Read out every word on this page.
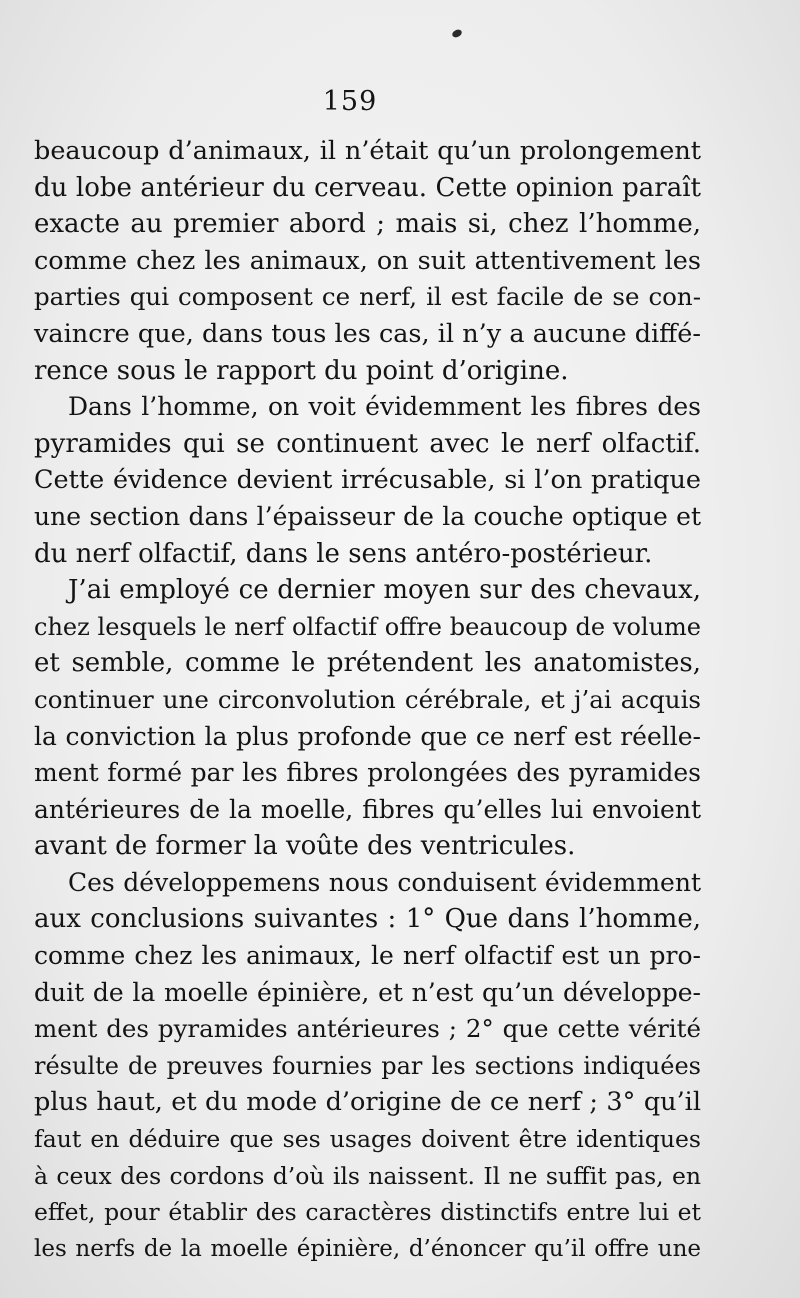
159
beaucoup d’animaux, il n’était qu’un prolongement
du lobe antérieur du cerveau. Cette opinion paraît
exacte au premier abord ; mais si, chez l’homme,
comme chez les animaux, on suit attentivement les
parties qui composent ce nerf, il est facile de se con-
vaincre que, dans tous les cas, il n’y a aucune diffé-
rence sous le rapport du point d’origine.
Dans l’homme, on voit évidemment les fibres des
pyramides qui se continuent avec le nerf olfactif.
Cette évidence devient irrécusable, si l’on pratique
une section dans l’épaisseur de la couche optique et
du nerf olfactif, dans le sens antéro-postérieur.
J’ai employé ce dernier moyen sur des chevaux,
chez lesquels le nerf olfactif offre beaucoup de volume
et semble, comme le prétendent les anatomistes,
continuer une circonvolution cérébrale, et j’ai acquis
la conviction la plus profonde que ce nerf est réelle-
ment formé par les fibres prolongées des pyramides
antérieures de la moelle, fibres qu’elles lui envoient
avant de former la voûte des ventricules.
Ces développemens nous conduisent évidemment
aux conclusions suivantes : 1° Que dans l’homme,
comme chez les animaux, le nerf olfactif est un pro-
duit de la moelle épinière, et n’est qu’un développe-
ment des pyramides antérieures ; 2° que cette vérité
résulte de preuves fournies par les sections indiquées
plus haut, et du mode d’origine de ce nerf ; 3° qu’il
faut en déduire que ses usages doivent être identiques
à ceux des cordons d’où ils naissent. Il ne suffit pas, en
effet, pour établir des caractères distinctifs entre lui et
les nerfs de la moelle épinière, d’énoncer qu’il offre une
